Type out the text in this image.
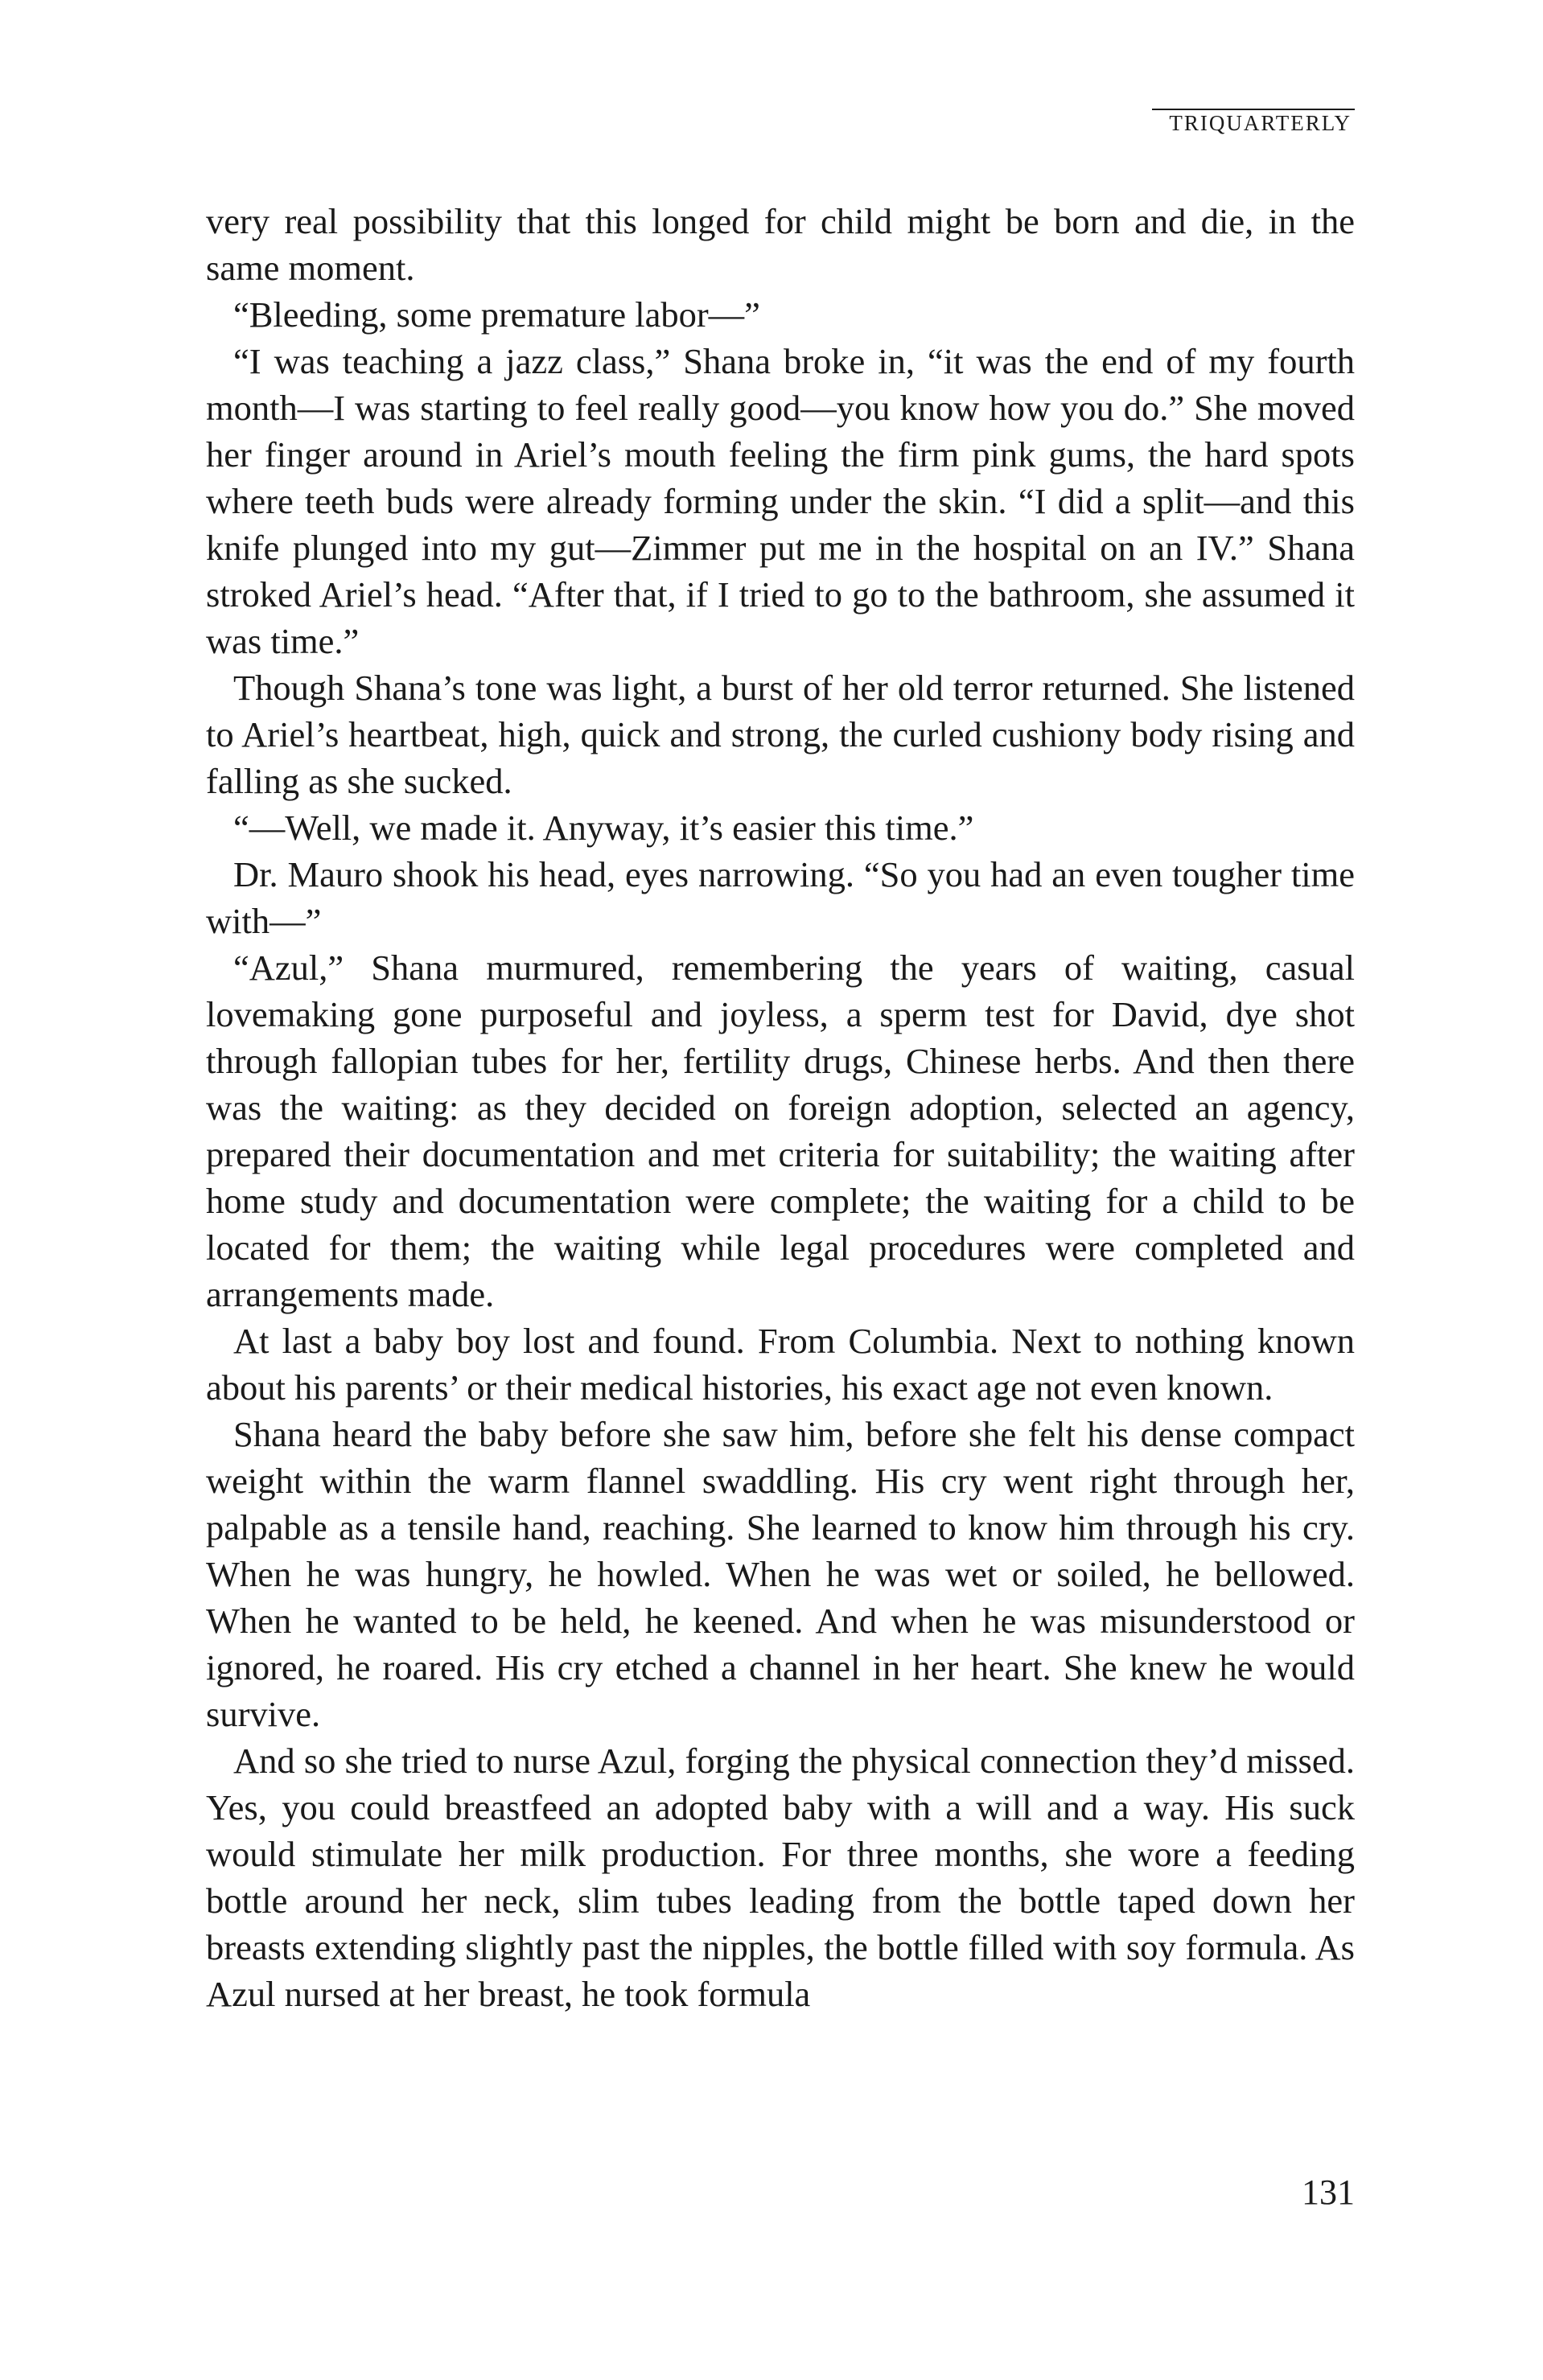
TRIQUARTERLY

very real possibility that this longed for child might be born and die, in the same moment.

“Bleeding, some premature labor—”

“I was teaching a jazz class,” Shana broke in, “it was the end of my fourth month—I was starting to feel really good—you know how you do.” She moved her finger around in Ariel’s mouth feeling the firm pink gums, the hard spots where teeth buds were already forming under the skin. “I did a split—and this knife plunged into my gut—Zimmer put me in the hospital on an IV.” Shana stroked Ariel’s head. “After that, if I tried to go to the bathroom, she assumed it was time.”

Though Shana’s tone was light, a burst of her old terror returned. She listened to Ariel’s heartbeat, high, quick and strong, the curled cushiony body rising and falling as she sucked.

“—Well, we made it. Anyway, it’s easier this time.”

Dr. Mauro shook his head, eyes narrowing. “So you had an even tougher time with—”

“Azul,” Shana murmured, remembering the years of waiting, casual lovemaking gone purposeful and joyless, a sperm test for David, dye shot through fallopian tubes for her, fertility drugs, Chinese herbs. And then there was the waiting: as they decided on foreign adoption, selected an agency, prepared their documentation and met criteria for suitability; the waiting after home study and documentation were complete; the waiting for a child to be located for them; the waiting while legal procedures were completed and arrangements made.

At last a baby boy lost and found. From Columbia. Next to nothing known about his parents’ or their medical histories, his exact age not even known.

Shana heard the baby before she saw him, before she felt his dense compact weight within the warm flannel swaddling. His cry went right through her, palpable as a tensile hand, reaching. She learned to know him through his cry. When he was hungry, he howled. When he was wet or soiled, he bellowed. When he wanted to be held, he keened. And when he was misunderstood or ignored, he roared. His cry etched a channel in her heart. She knew he would survive.

And so she tried to nurse Azul, forging the physical connection they’d missed. Yes, you could breastfeed an adopted baby with a will and a way. His suck would stimulate her milk production. For three months, she wore a feeding bottle around her neck, slim tubes leading from the bottle taped down her breasts extending slightly past the nipples, the bottle filled with soy formula. As Azul nursed at her breast, he took formula

131
